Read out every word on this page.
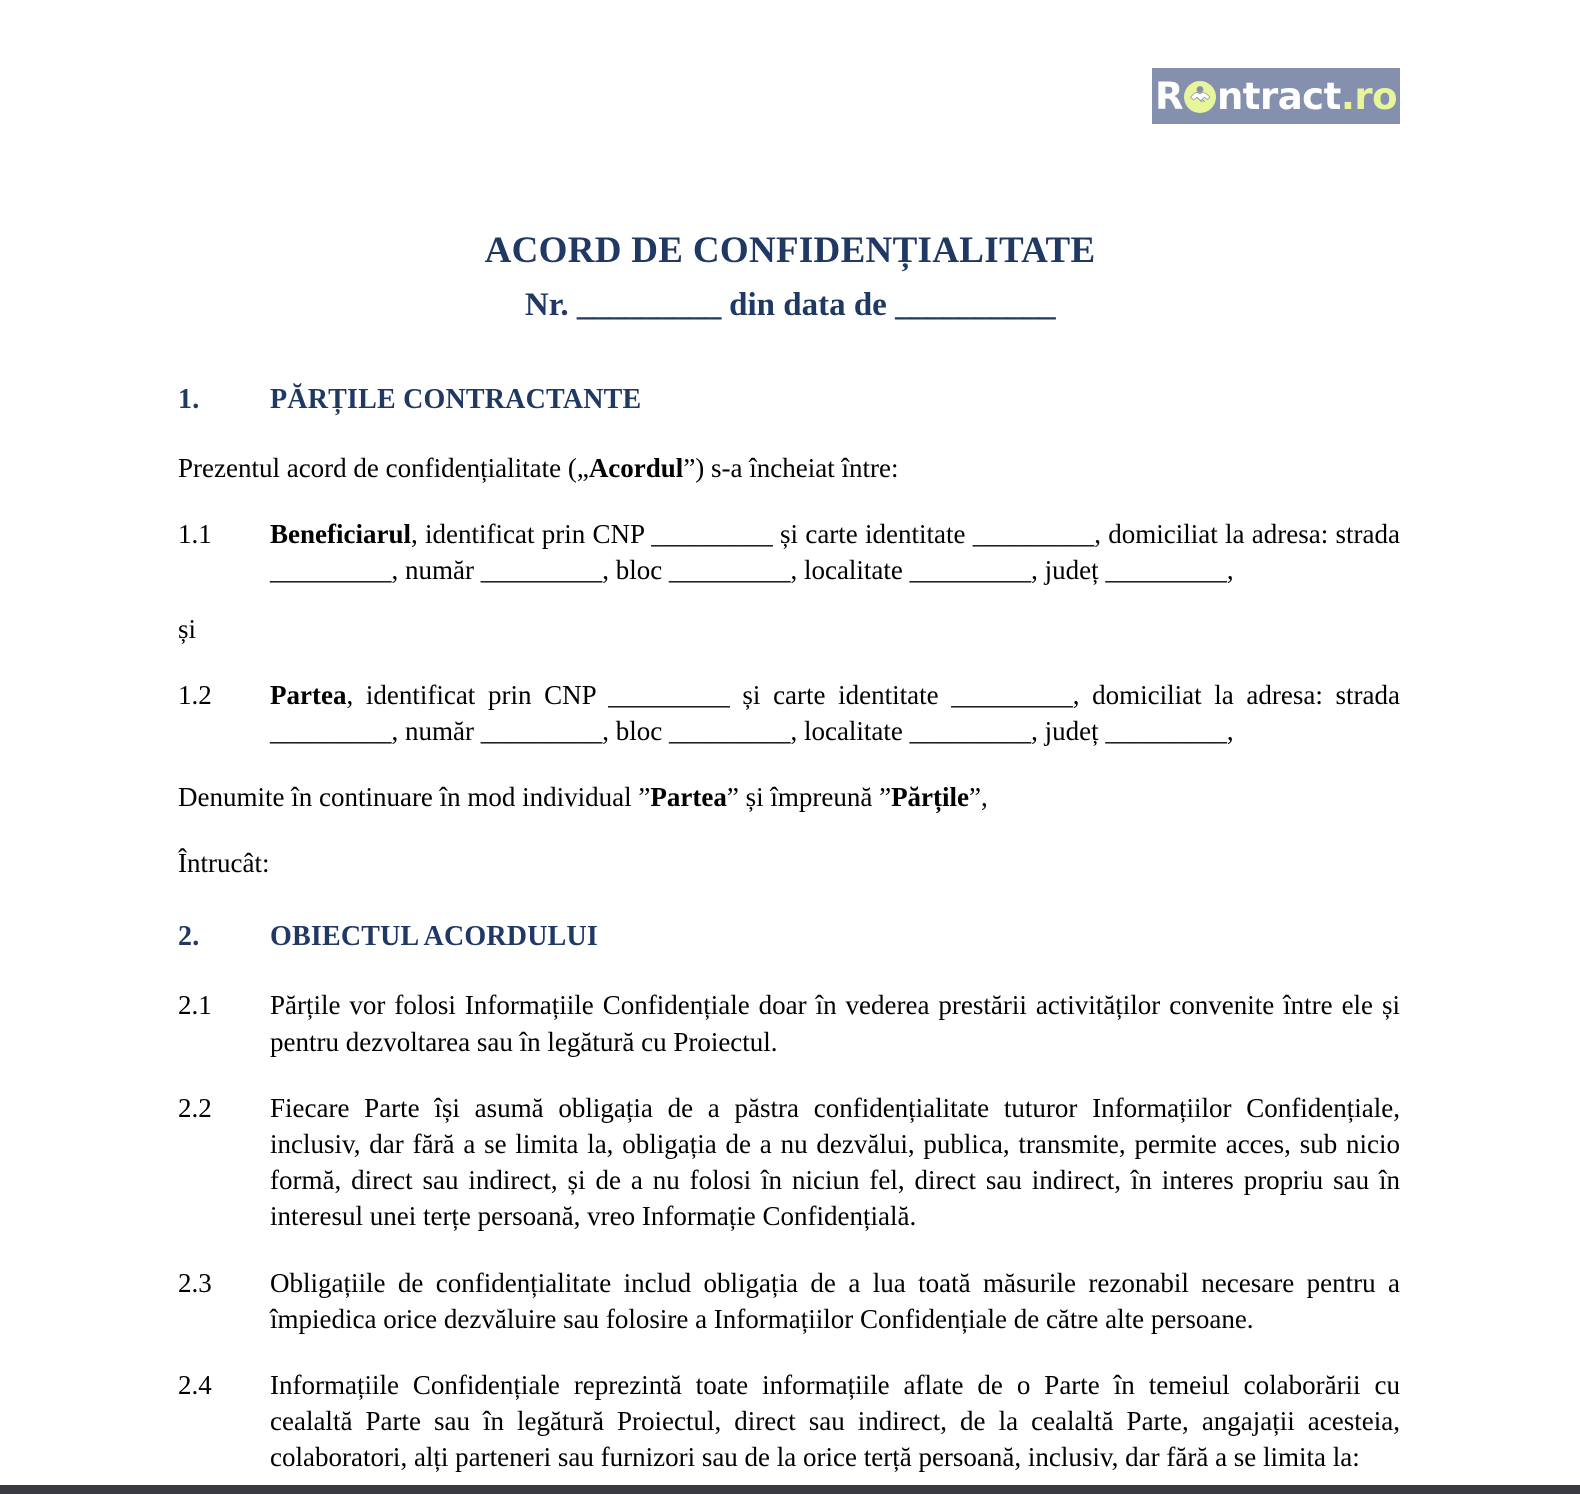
R ntract .ro
ACORD DE CONFIDENȚIALITATE
Nr. _________ din data de __________
1.	PĂRȚILE CONTRACTANTE
Prezentul acord de confidențialitate („Acordul”) s-a încheiat între:
1.1	Beneficiarul, identificat prin CNP _________ și carte identitate _________, domiciliat la adresa: strada _________, număr _________, bloc _________, localitate _________, județ _________,
și
1.2	Partea, identificat prin CNP _________ și carte identitate _________, domiciliat la adresa: strada _________, număr _________, bloc _________, localitate _________, județ _________,
Denumite în continuare în mod individual ”Partea” și împreună ”Părțile”,
Întrucât:
2.	OBIECTUL ACORDULUI
2.1	Părțile vor folosi Informațiile Confidențiale doar în vederea prestării activităților convenite între ele și pentru dezvoltarea sau în legătură cu Proiectul.
2.2	Fiecare Parte își asumă obligația de a păstra confidențialitate tuturor Informațiilor Confidențiale, inclusiv, dar fără a se limita la, obligația de a nu dezvălui, publica, transmite, permite acces, sub nicio formă, direct sau indirect, și de a nu folosi în niciun fel, direct sau indirect, în interes propriu sau în interesul unei terțe persoană, vreo Informație Confidențială.
2.3	Obligațiile de confidențialitate includ obligația de a lua toată măsurile rezonabil necesare pentru a împiedica orice dezvăluire sau folosire a Informațiilor Confidențiale de către alte persoane.
2.4	Informațiile Confidențiale reprezintă toate informațiile aflate de o Parte în temeiul colaborării cu cealaltă Parte sau în legătură Proiectul, direct sau indirect, de la cealaltă Parte, angajații acesteia, colaboratori, alți parteneri sau furnizori sau de la orice terță persoană, inclusiv, dar fără a se limita la:
